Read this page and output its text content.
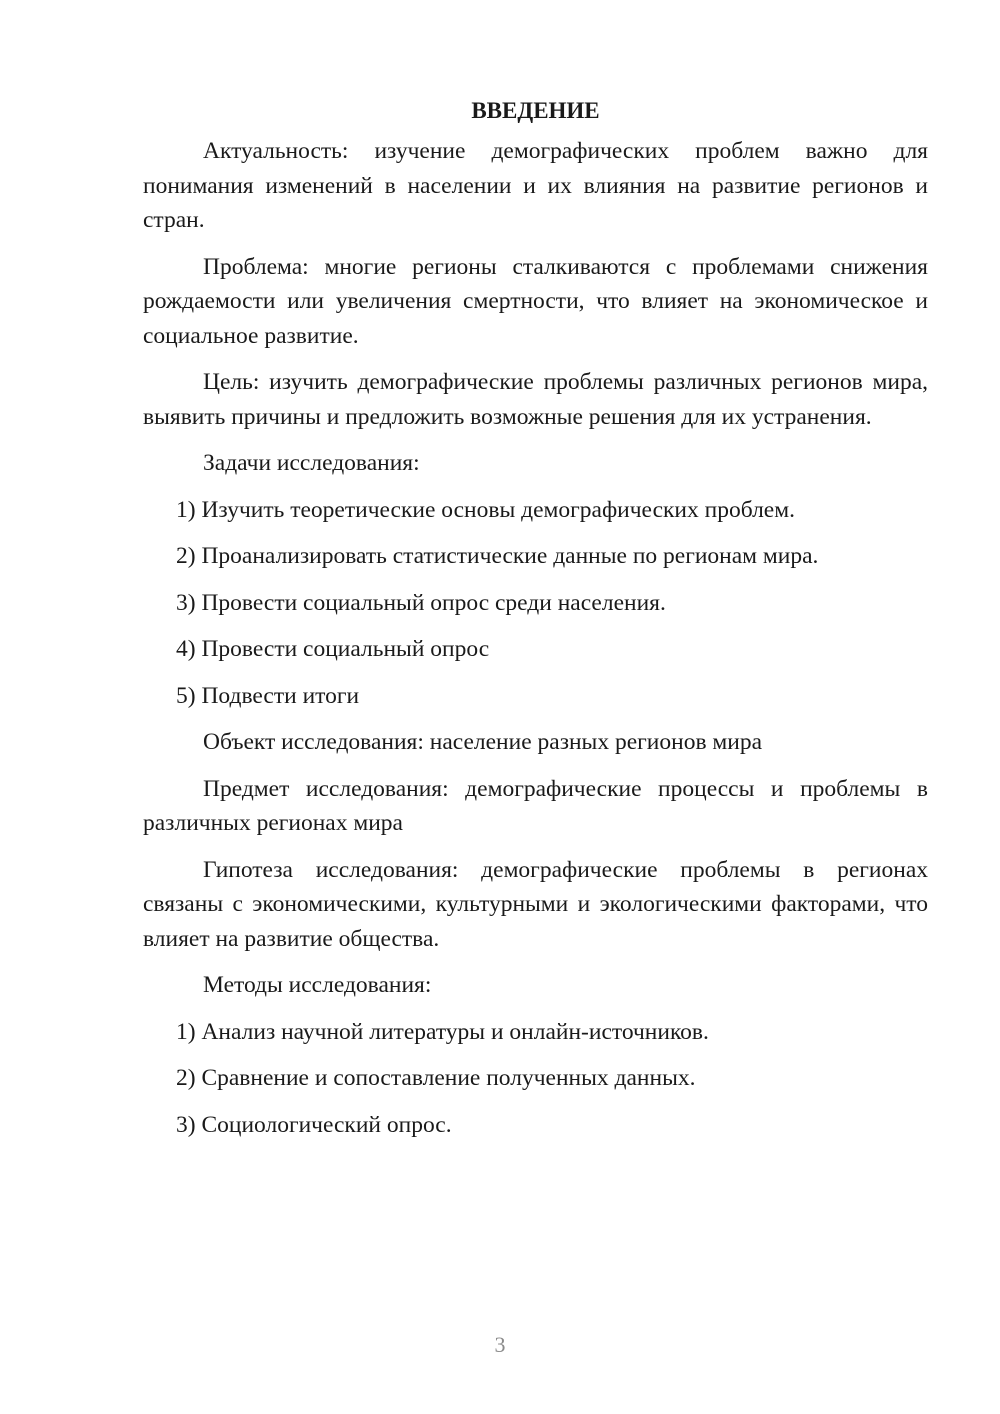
ВВЕДЕНИЕ
Актуальность: изучение демографических проблем важно для понимания изменений в населении и их влияния на развитие регионов и стран.
Проблема: многие регионы сталкиваются с проблемами снижения рождаемости или увеличения смертности, что влияет на экономическое и социальное развитие.
Цель: изучить демографические проблемы различных регионов мира, выявить причины и предложить возможные решения для их устранения.
Задачи исследования:
1) Изучить теоретические основы демографических проблем.
2) Проанализировать статистические данные по регионам мира.
3) Провести социальный опрос среди населения.
4) Провести социальный опрос
5) Подвести итоги
Объект исследования: население разных регионов мира
Предмет исследования: демографические процессы и проблемы в различных регионах мира
Гипотеза исследования: демографические проблемы в регионах связаны с экономическими, культурными и экологическими факторами, что влияет на развитие общества.
Методы исследования:
1) Анализ научной литературы и онлайн-источников.
2) Сравнение и сопоставление полученных данных.
3) Социологический опрос.
3
